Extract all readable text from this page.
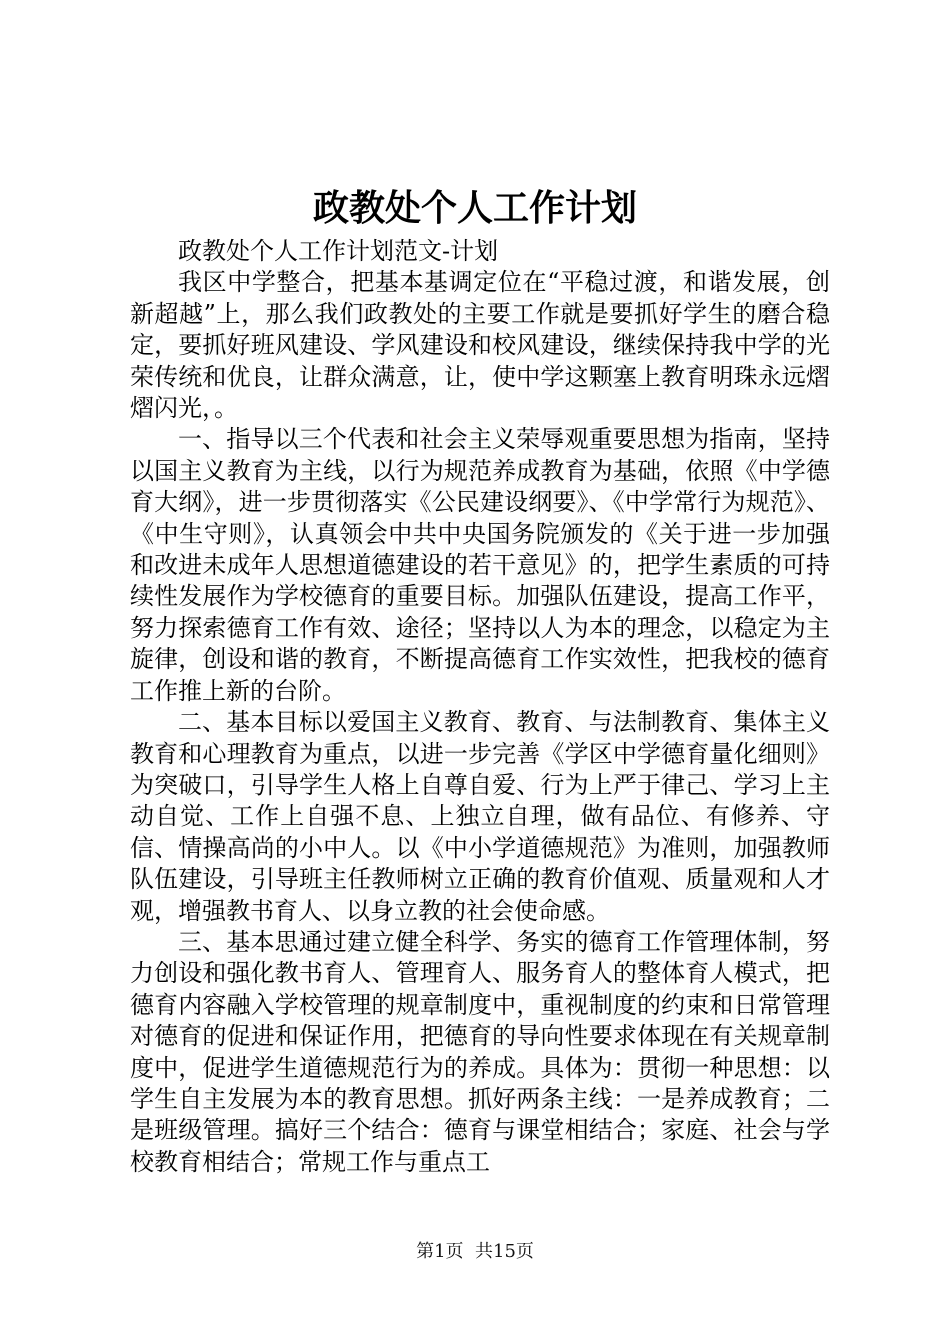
政教处个人工作计划

政教处个人工作计划范文-计划

我区中学整合，把基本基调定位在“平稳过渡，和谐发展，创新超越”上，那么我们政教处的主要工作就是要抓好学生的磨合稳定，要抓好班风建设、学风建设和校风建设，继续保持我中学的光荣传统和优良，让群众满意，让，使中学这颗塞上教育明珠永远熠熠闪光，。

一、指导以三个代表和社会主义荣辱观重要思想为指南，坚持以国主义教育为主线，以行为规范养成教育为基础，依照《中学德育大纲》，进一步贯彻落实《公民建设纲要》、《中学常行为规范》、《中生守则》，认真领会中共中央国务院颁发的《关于进一步加强和改进未成年人思想道德建设的若干意见》的，把学生素质的可持续性发展作为学校德育的重要目标。加强队伍建设，提高工作平，努力探索德育工作有效、途径；坚持以人为本的理念，以稳定为主旋律，创设和谐的教育，不断提高德育工作实效性，把我校的德育工作推上新的台阶。

二、基本目标以爱国主义教育、教育、与法制教育、集体主义教育和心理教育为重点，以进一步完善《学区中学德育量化细则》为突破口，引导学生人格上自尊自爱、行为上严于律己、学习上主动自觉、工作上自强不息、上独立自理，做有品位、有修养、守信、情操高尚的小中人。以《中小学道德规范》为准则，加强教师队伍建设，引导班主任教师树立正确的教育价值观、质量观和人才观，增强教书育人、以身立教的社会使命感。

三、基本思通过建立健全科学、务实的德育工作管理体制，努力创设和强化教书育人、管理育人、服务育人的整体育人模式，把德育内容融入学校管理的规章制度中，重视制度的约束和日常管理对德育的促进和保证作用，把德育的导向性要求体现在有关规章制度中，促进学生道德规范行为的养成。具体为：贯彻一种思想：以学生自主发展为本的教育思想。抓好两条主线：一是养成教育；二是班级管理。搞好三个结合：德育与课堂相结合；家庭、社会与学校教育相结合；常规工作与重点工

第1页  共15页
